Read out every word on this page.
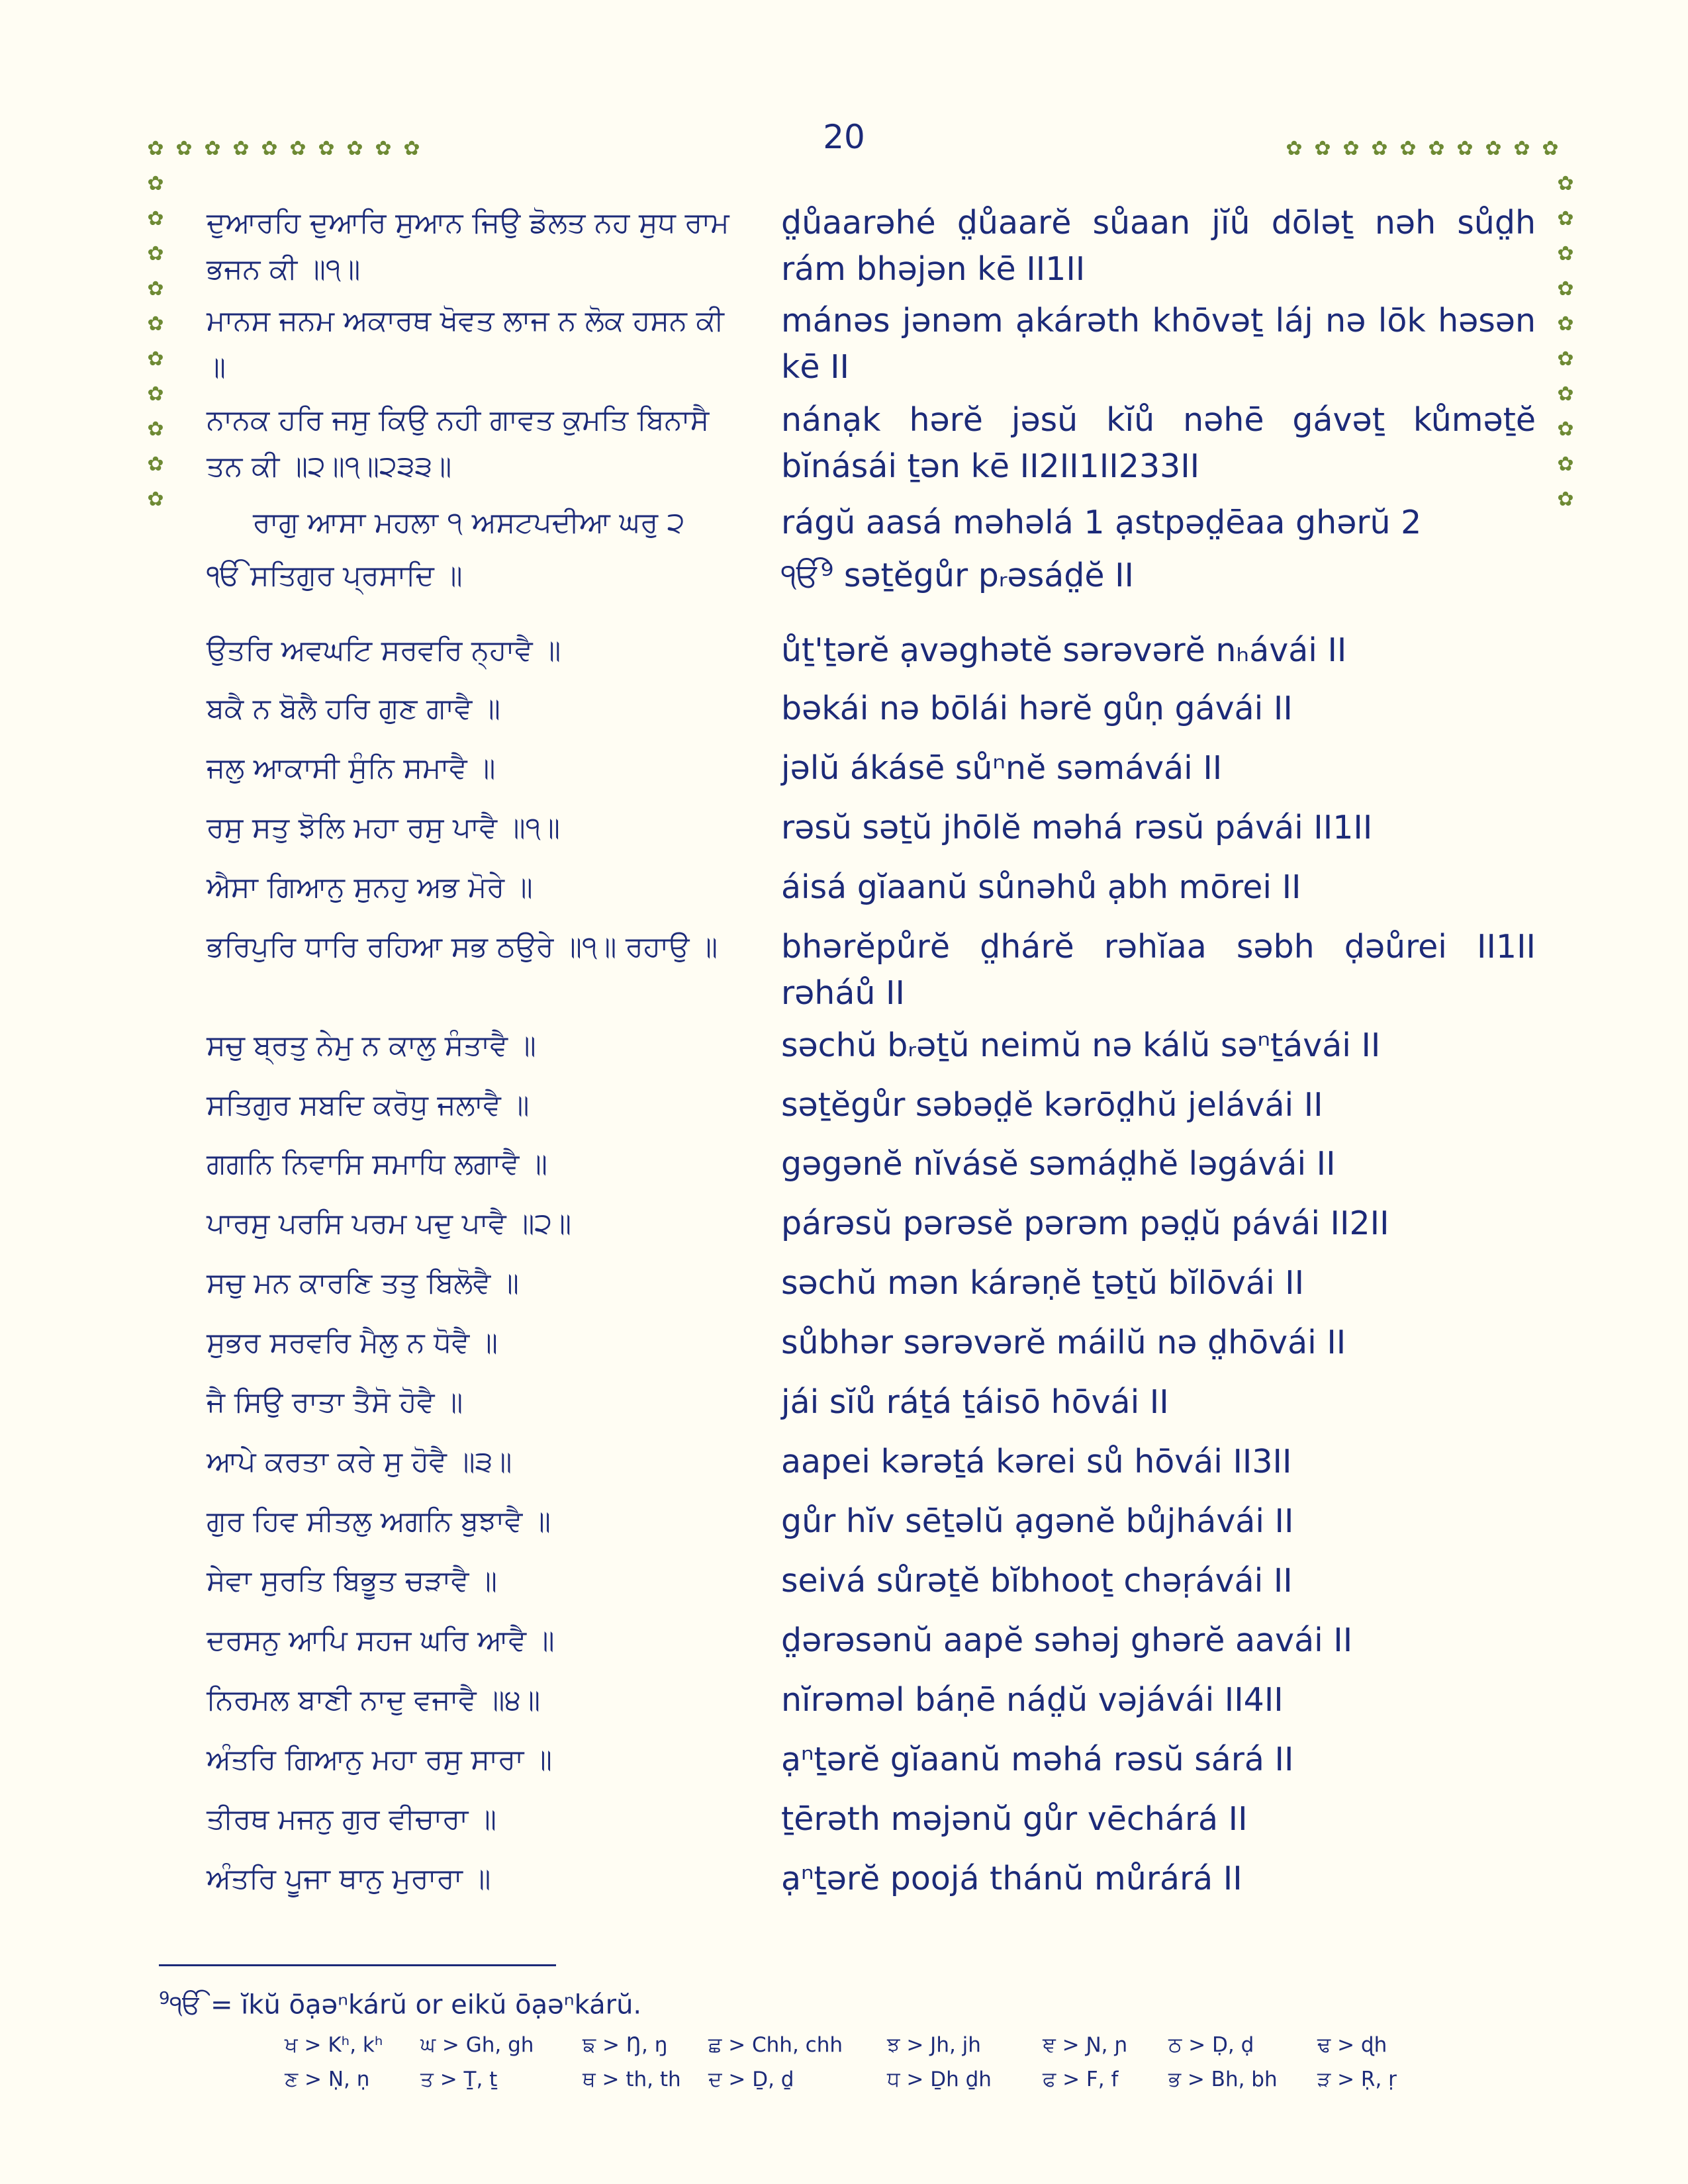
20
✿
✿
✿
✿
✿
✿
✿
✿
✿
✿
✿
✿
✿
✿
✿
✿
✿
✿
✿
✿
✿
✿
✿
✿
✿
✿
✿
✿
✿
✿
✿
✿
✿
✿
✿
✿
✿
✿
✿
✿
ਦੁਆਰਹਿ ਦੁਆਰਿ ਸੁਆਨ ਜਿਉ ਡੋਲਤ ਨਹ ਸੁਧ ਰਾਮ ਭਜਨ ਕੀ ॥੧॥
d̤ůaarəhé d̤ůaarĕ sůaan jĭů dōləṯ nəh sůd̤h rám bhəjən kē II1II
ਮਾਨਸ ਜਨਮ ਅਕਾਰਥ ਖੋਵਤ ਲਾਜ ਨ ਲੋਕ ਹਸਨ ਕੀ ॥
mánəs jənəm ạkárəth khōvəṯ láj nə lōk həsən kē II
ਨਾਨਕ ਹਰਿ ਜਸੁ ਕਿਉ ਨਹੀ ਗਾਵਤ ਕੁਮਤਿ ਬਿਨਾਸੈ ਤਨ ਕੀ ॥੨॥੧॥੨੩੩॥
nánạk hərĕ jəsŭ kĭů nəhē gávəṯ kůməṯĕ bĭnásái ṯən kē II2II1II233II
ਰਾਗੁ ਆਸਾ ਮਹਲਾ ੧ ਅਸਟਪਦੀਆ ਘਰੁ ੨	rágŭ aasá məhəlá 1 ạstpəd̤ēaa ghərŭ 2
ੴ ਸਤਿਗੁਰ ਪ੍ਰਸਾਦਿ ॥	ੴ⁹ səṯĕgůr pᵣəsád̤ĕ II
ਉਤਰਿ ਅਵਘਟਿ ਸਰਵਰਿ ਨ੍ਹਾਵੈ ॥	ůṯ'ṯərĕ ạvəghətĕ sərəvərĕ nₕávái II
ਬਕੈ ਨ ਬੋਲੈ ਹਰਿ ਗੁਣ ਗਾਵੈ ॥	bəkái nə bōlái hərĕ gůṇ gávái II
ਜਲੁ ਆਕਾਸੀ ਸੁੰਨਿ ਸਮਾਵੈ ॥	jəlŭ ákásē sůⁿnĕ səmávái II
ਰਸੁ ਸਤੁ ਝੋਲਿ ਮਹਾ ਰਸੁ ਪਾਵੈ ॥੧॥	rəsŭ səṯŭ jhōlĕ məhá rəsŭ pávái II1II
ਐਸਾ ਗਿਆਨੁ ਸੁਨਹੁ ਅਭ ਮੋਰੇ ॥	áisá gĭaanŭ sůnəhů ạbh mōrei II
ਭਰਿਪੁਰਿ ਧਾਰਿ ਰਹਿਆ ਸਭ ਠਉਰੇ ॥੧॥ ਰਹਾਉ ॥	bhərĕpůrĕ d̤hárĕ rəhĭaa səbh ḍəůrei II1II rəháů II
ਸਚੁ ਬ੍ਰਤੁ ਨੇਮੁ ਨ ਕਾਲੁ ਸੰਤਾਵੈ ॥	səchŭ bᵣəṯŭ neimŭ nə kálŭ səⁿṯávái II
ਸਤਿਗੁਰ ਸਬਦਿ ਕਰੋਧੁ ਜਲਾਵੈ ॥	səṯĕgůr səbəd̤ĕ kərōd̤hŭ jelávái II
ਗਗਨਿ ਨਿਵਾਸਿ ਸਮਾਧਿ ਲਗਾਵੈ ॥	gəgənĕ nĭvásĕ səmád̤hĕ ləgávái II
ਪਾਰਸੁ ਪਰਸਿ ਪਰਮ ਪਦੁ ਪਾਵੈ ॥੨॥	párəsŭ pərəsĕ pərəm pəd̤ŭ pávái II2II
ਸਚੁ ਮਨ ਕਾਰਣਿ ਤਤੁ ਬਿਲੋਵੈ ॥	səchŭ mən kárəṇĕ ṯəṯŭ bĭlōvái II
ਸੁਭਰ ਸਰਵਰਿ ਮੈਲੁ ਨ ਧੋਵੈ ॥	sůbhər sərəvərĕ máilŭ nə d̤hōvái II
ਜੈ ਸਿਉ ਰਾਤਾ ਤੈਸੋ ਹੋਵੈ ॥	jái sĭů ráṯá ṯáisō hōvái II
ਆਪੇ ਕਰਤਾ ਕਰੇ ਸੁ ਹੋਵੈ ॥੩॥	aapei kərəṯá kərei sů hōvái II3II
ਗੁਰ ਹਿਵ ਸੀਤਲੁ ਅਗਨਿ ਬੁਝਾਵੈ ॥	gůr hĭv sēṯəlŭ ạgənĕ bůjhávái II
ਸੇਵਾ ਸੁਰਤਿ ਬਿਭੂਤ ਚੜਾਵੈ ॥	seivá sůrəṯĕ bĭbhooṯ chəṛávái II
ਦਰਸਨੁ ਆਪਿ ਸਹਜ ਘਰਿ ਆਵੈ ॥	d̤ərəsənŭ aapĕ səhəj ghərĕ aavái II
ਨਿਰਮਲ ਬਾਣੀ ਨਾਦੁ ਵਜਾਵੈ ॥੪॥	nĭrəməl báṇē nád̤ŭ vəjávái II4II
ਅੰਤਰਿ ਗਿਆਨੁ ਮਹਾ ਰਸੁ ਸਾਰਾ ॥	ạⁿṯərĕ gĭaanŭ məhá rəsŭ sárá II
ਤੀਰਥ ਮਜਨੁ ਗੁਰ ਵੀਚਾਰਾ ॥	ṯērəth məjənŭ gůr vēchárá II
ਅੰਤਰਿ ਪੂਜਾ ਥਾਨੁ ਮੁਰਾਰਾ ॥	ạⁿṯərĕ poojá thánŭ můrárá II
$^9$ੴ = ĭkŭ ōạəⁿkárŭ or eikŭ ōạəⁿkárŭ.
ਖ > Kʰ, kʰ ਘ > Gh, gh ਙ > Ŋ, ŋ ਛ > Chh, chh ਝ > Jh, jh	ਞ > Ɲ, ɲ ਠ > Ḍ, ḍ	ਢ > ɖh
ਣ > Ṇ, ṇ ਤ > Ṯ, ṯ	ਥ > th, th ਦ > Ḏ, ḏ	ਧ > Ḏh ḏh ਫ > F, f ਭ > Bh, bh ੜ > Ṛ, ṛ
